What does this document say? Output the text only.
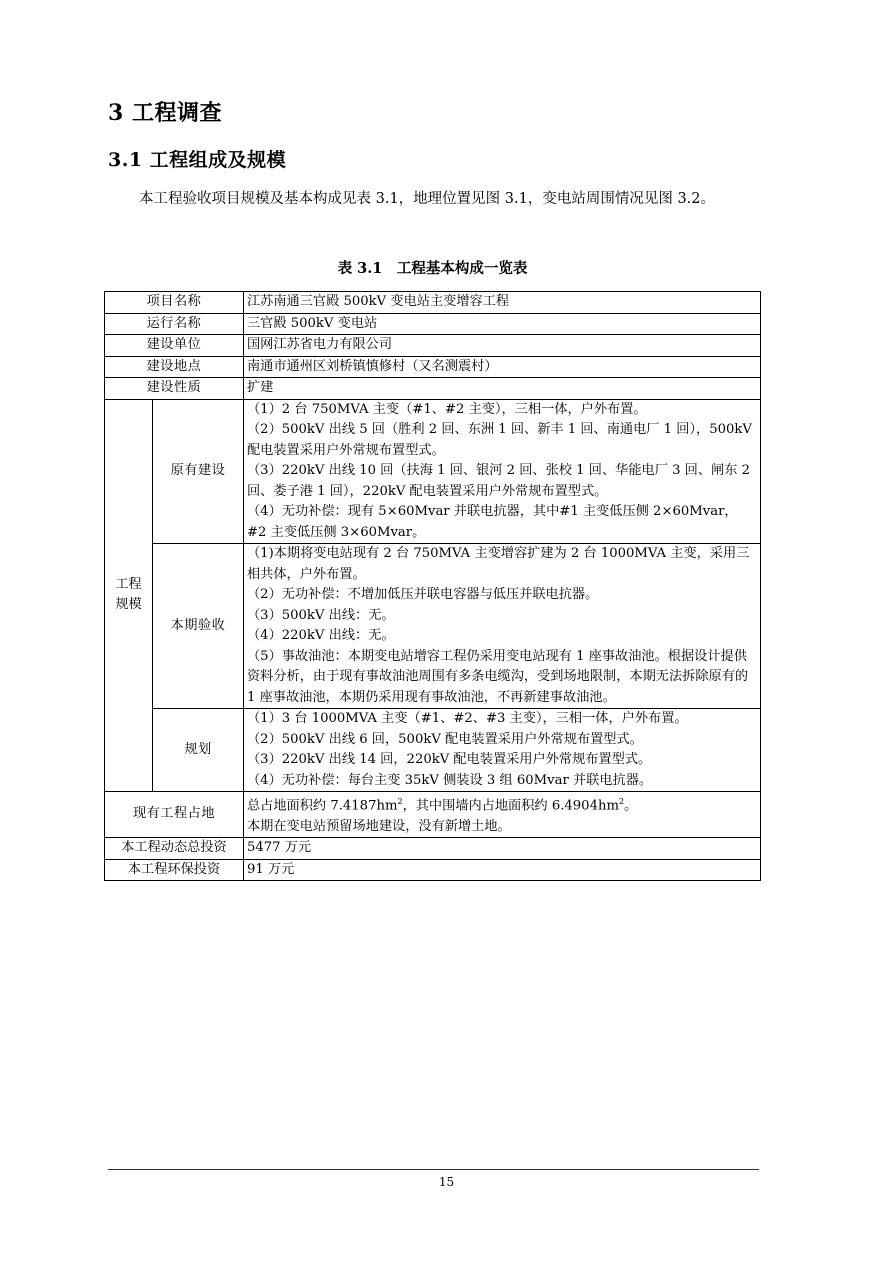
3 工程调查
3.1 工程组成及规模
本工程验收项目规模及基本构成见表 3.1，地理位置见图 3.1，变电站周围情况见图 3.2。
表 3.1　工程基本构成一览表
项目名称		江苏南通三官殿 500kV 变电站主变增容工程
运行名称		三官殿 500kV 变电站
建设单位		国网江苏省电力有限公司
建设地点		南通市通州区刘桥镇慎修村（又名测震村）
建设性质		扩建

工程
规模	原有建设	（1）2 台 750MVA 主变（#1、#2 主变），三相一体，户外布置。
（2）500kV 出线 5 回（胜利 2 回、东洲 1 回、新丰 1 回、南通电厂 1 回），500kV 配电装置采用户外常规布置型式。
（3）220kV 出线 10 回（扶海 1 回、银河 2 回、张校 1 回、华能电厂 3 回、闸东 2 回、娄子港 1 回），220kV 配电装置采用户外常规布置型式。
（4）无功补偿：现有 5×60Mvar 并联电抗器，其中#1 主变低压侧 2×60Mvar，#2 主变低压侧 3×60Mvar。

	本期验收	（1)本期将变电站现有 2 台 750MVA 主变增容扩建为 2 台 1000MVA 主变，采用三相共体，户外布置。
（2）无功补偿：不增加低压并联电容器与低压并联电抗器。
（3）500kV 出线：无。
（4）220kV 出线：无。
（5）事故油池：本期变电站增容工程仍采用变电站现有 1 座事故油池。根据设计提供资料分析，由于现有事故油池周围有多条电缆沟，受到场地限制，本期无法拆除原有的 1 座事故油池，本期仍采用现有事故油池，不再新建事故油池。

	规划	（1）3 台 1000MVA 主变（#1、#2、#3 主变），三相一体，户外布置。
（2）500kV 出线 6 回，500kV 配电装置采用户外常规布置型式。
（3）220kV 出线 14 回，220kV 配电装置采用户外常规布置型式。
（4）无功补偿：每台主变 35kV 侧装设 3 组 60Mvar 并联电抗器。

现有工程占地		总占地面积约 $7.4187hm^2$，其中围墙内占地面积约 $6.4904hm^2$。
本期在变电站预留场地建设，没有新增土地。

本工程动态总投资		5477 万元
本工程环保投资		91 万元
15
